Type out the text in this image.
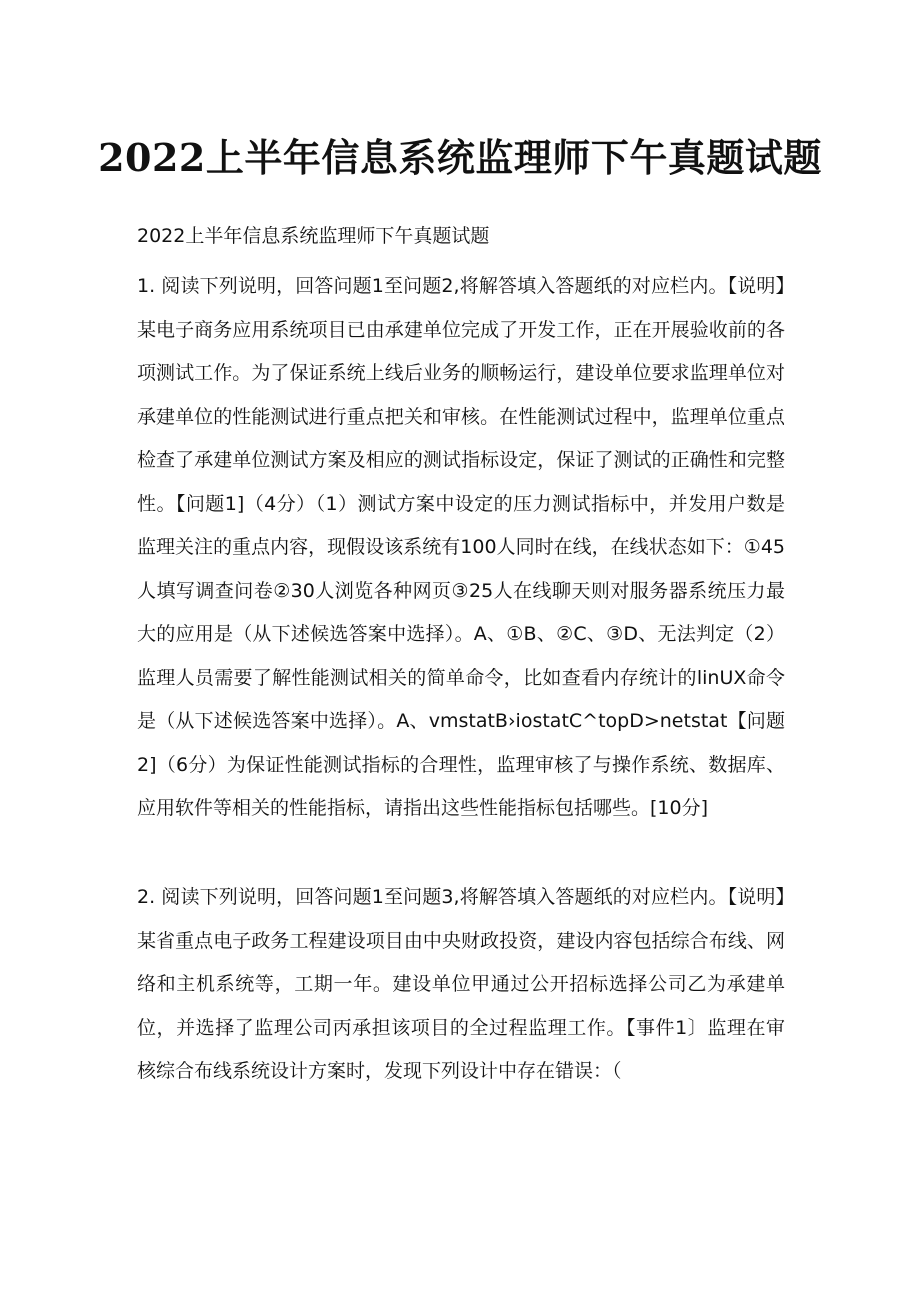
2022上半年信息系统监理师下午真题试题

2022上半年信息系统监理师下午真题试题

1. 阅读下列说明，回答问题1至问题2,将解答填入答题纸的对应栏内。【说明】某电子商务应用系统项目已由承建单位完成了开发工作，正在开展验收前的各项测试工作。为了保证系统上线后业务的顺畅运行，建设单位要求监理单位对承建单位的性能测试进行重点把关和审核。在性能测试过程中，监理单位重点检查了承建单位测试方案及相应的测试指标设定，保证了测试的正确性和完整性。【问题1]（4分）（1）测试方案中设定的压力测试指标中，并发用户数是监理关注的重点内容，现假设该系统有100人同时在线，在线状态如下：①45人填写调查问卷②30人浏览各种网页③25人在线聊天则对服务器系统压力最大的应用是（从下述候选答案中选择）。A、①B、②C、③D、无法判定（2）监理人员需要了解性能测试相关的简单命令，比如查看内存统计的linUX命令是（从下述候选答案中选择）。A、vmstatB›iostatC^topD>netstat【问题2]（6分）为保证性能测试指标的合理性，监理审核了与操作系统、数据库、应用软件等相关的性能指标，请指出这些性能指标包括哪些。[10分]

2. 阅读下列说明，回答问题1至问题3,将解答填入答题纸的对应栏内。【说明】某省重点电子政务工程建设项目由中央财政投资，建设内容包括综合布线、网络和主机系统等，工期一年。建设单位甲通过公开招标选择公司乙为承建单位，并选择了监理公司丙承担该项目的全过程监理工作。【事件1〕监理在审核综合布线系统设计方案时，发现下列设计中存在错误：（
